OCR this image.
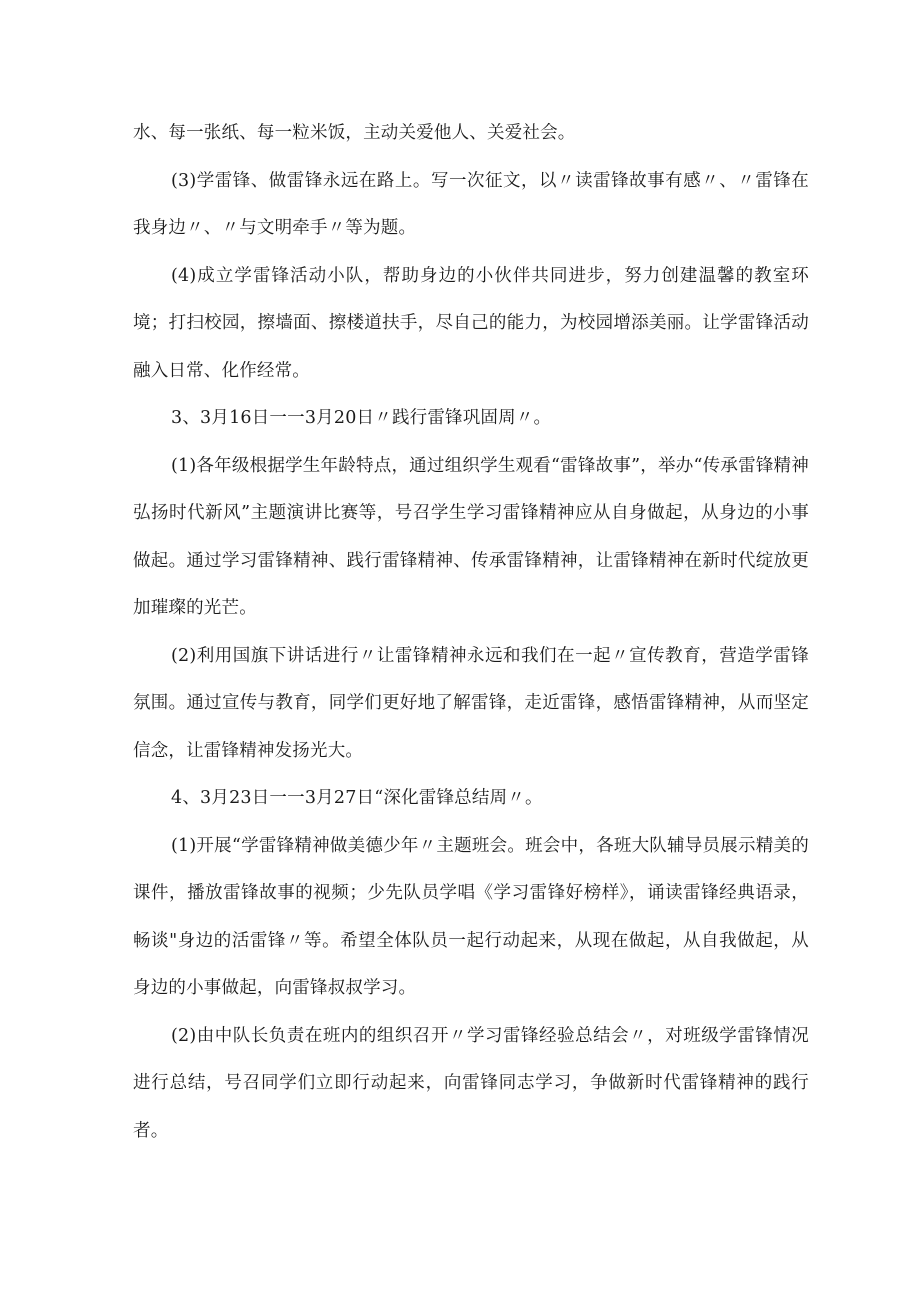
水、每一张纸、每一粒米饭，主动关爱他人、关爱社会。

(3)学雷锋、做雷锋永远在路上。写一次征文，以〃读雷锋故事有感〃、〃雷锋在我身边〃、〃与文明牵手〃等为题。

(4)成立学雷锋活动小队，帮助身边的小伙伴共同进步，努力创建温馨的教室环境；打扫校园，擦墙面、擦楼道扶手，尽自己的能力，为校园增添美丽。让学雷锋活动融入日常、化作经常。

3、3月16日一一3月20日〃践行雷锋巩固周〃。

(1)各年级根据学生年龄特点，通过组织学生观看“雷锋故事”，举办“传承雷锋精神弘扬时代新风”主题演讲比赛等，号召学生学习雷锋精神应从自身做起，从身边的小事做起。通过学习雷锋精神、践行雷锋精神、传承雷锋精神，让雷锋精神在新时代绽放更加璀璨的光芒。

(2)利用国旗下讲话进行〃让雷锋精神永远和我们在一起〃宣传教育，营造学雷锋氛围。通过宣传与教育，同学们更好地了解雷锋，走近雷锋，感悟雷锋精神，从而坚定信念，让雷锋精神发扬光大。

4、3月23日一一3月27日“深化雷锋总结周〃。

(1)开展“学雷锋精神做美德少年〃主题班会。班会中，各班大队辅导员展示精美的课件，播放雷锋故事的视频；少先队员学唱《学习雷锋好榜样》，诵读雷锋经典语录，畅谈"身边的活雷锋〃等。希望全体队员一起行动起来，从现在做起，从自我做起，从身边的小事做起，向雷锋叔叔学习。

(2)由中队长负责在班内的组织召开〃学习雷锋经验总结会〃，对班级学雷锋情况进行总结，号召同学们立即行动起来，向雷锋同志学习，争做新时代雷锋精神的践行者。
